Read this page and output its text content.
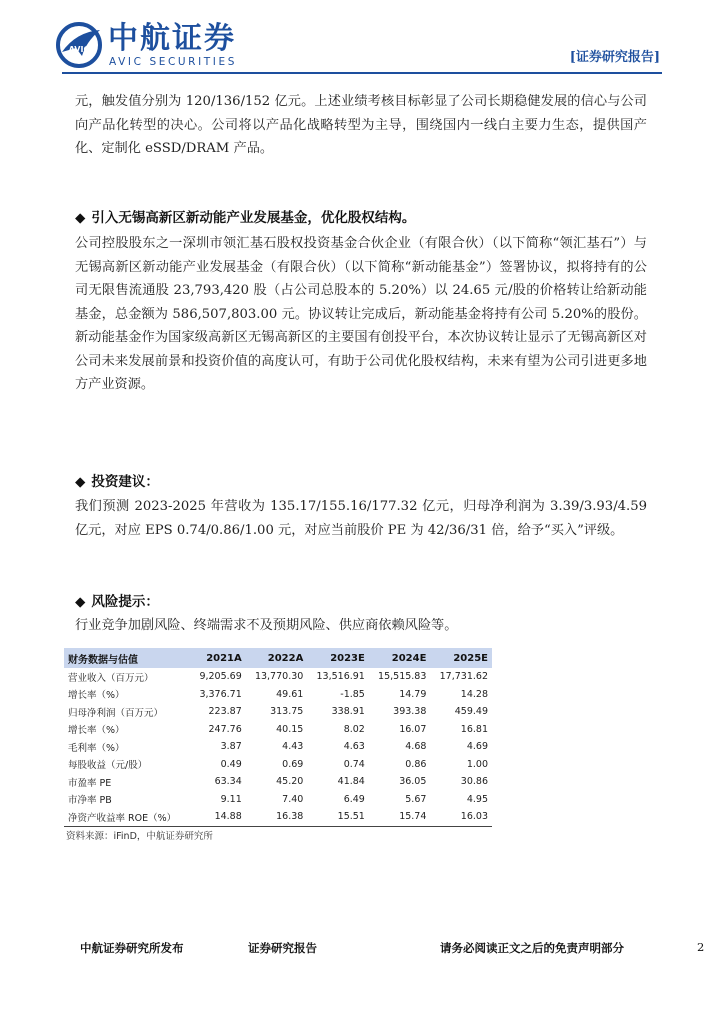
AVIC 中航证券
AVIC SECURITIES	[证券研究报告]

元，触发值分别为 120/136/152 亿元。上述业绩考核目标彰显了公司长期稳健发展的信心与公司向产品化转型的决心。公司将以产品化战略转型为主导，围绕国内一线白主要力生态，提供国产化、定制化 eSSD/DRAM 产品。

◆ 引入无锡高新区新动能产业发展基金，优化股权结构。

公司控股股东之一深圳市领汇基石股权投资基金合伙企业（有限合伙）（以下简称“领汇基石”）与无锡高新区新动能产业发展基金（有限合伙）（以下简称“新动能基金”）签署协议，拟将持有的公司无限售流通股 23,793,420 股（占公司总股本的 5.20%）以 24.65 元/股的价格转让给新动能基金，总金额为 586,507,803.00 元。协议转让完成后，新动能基金将持有公司 5.20%的股份。新动能基金作为国家级高新区无锡高新区的主要国有创投平台，本次协议转让显示了无锡高新区对公司未来发展前景和投资价值的高度认可，有助于公司优化股权结构，未来有望为公司引进更多地方产业资源。

◆ 投资建议：

我们预测 2023-2025 年营收为 135.17/155.16/177.32 亿元，归母净利润为 3.39/3.93/4.59 亿元，对应 EPS 0.74/0.86/1.00 元，对应当前股价 PE 为 42/36/31 倍，给予“买入”评级。

◆ 风险提示：

行业竞争加剧风险、终端需求不及预期风险、供应商依赖风险等。

财务数据与估值	2021A	2022A	2023E	2024E	2025E
营业收入（百万元）	9,205.69	13,770.30	13,516.91	15,515.83	17,731.62
增长率（%）	3,376.71	49.61	-1.85	14.79	14.28
归母净利润（百万元）	223.87	313.75	338.91	393.38	459.49
增长率（%）	247.76	40.15	8.02	16.07	16.81
毛利率（%）	3.87	4.43	4.63	4.68	4.69
每股收益（元/股）	0.49	0.69	0.74	0.86	1.00
市盈率 PE	63.34	45.20	41.84	36.05	30.86
市净率 PB	9.11	7.40	6.49	5.67	4.95
净资产收益率 ROE（%）	14.88	16.38	15.51	15.74	16.03
资料来源：iFinD，中航证券研究所
中航证券研究所发布	证券研究报告	请务必阅读正文之后的免责声明部分	2
